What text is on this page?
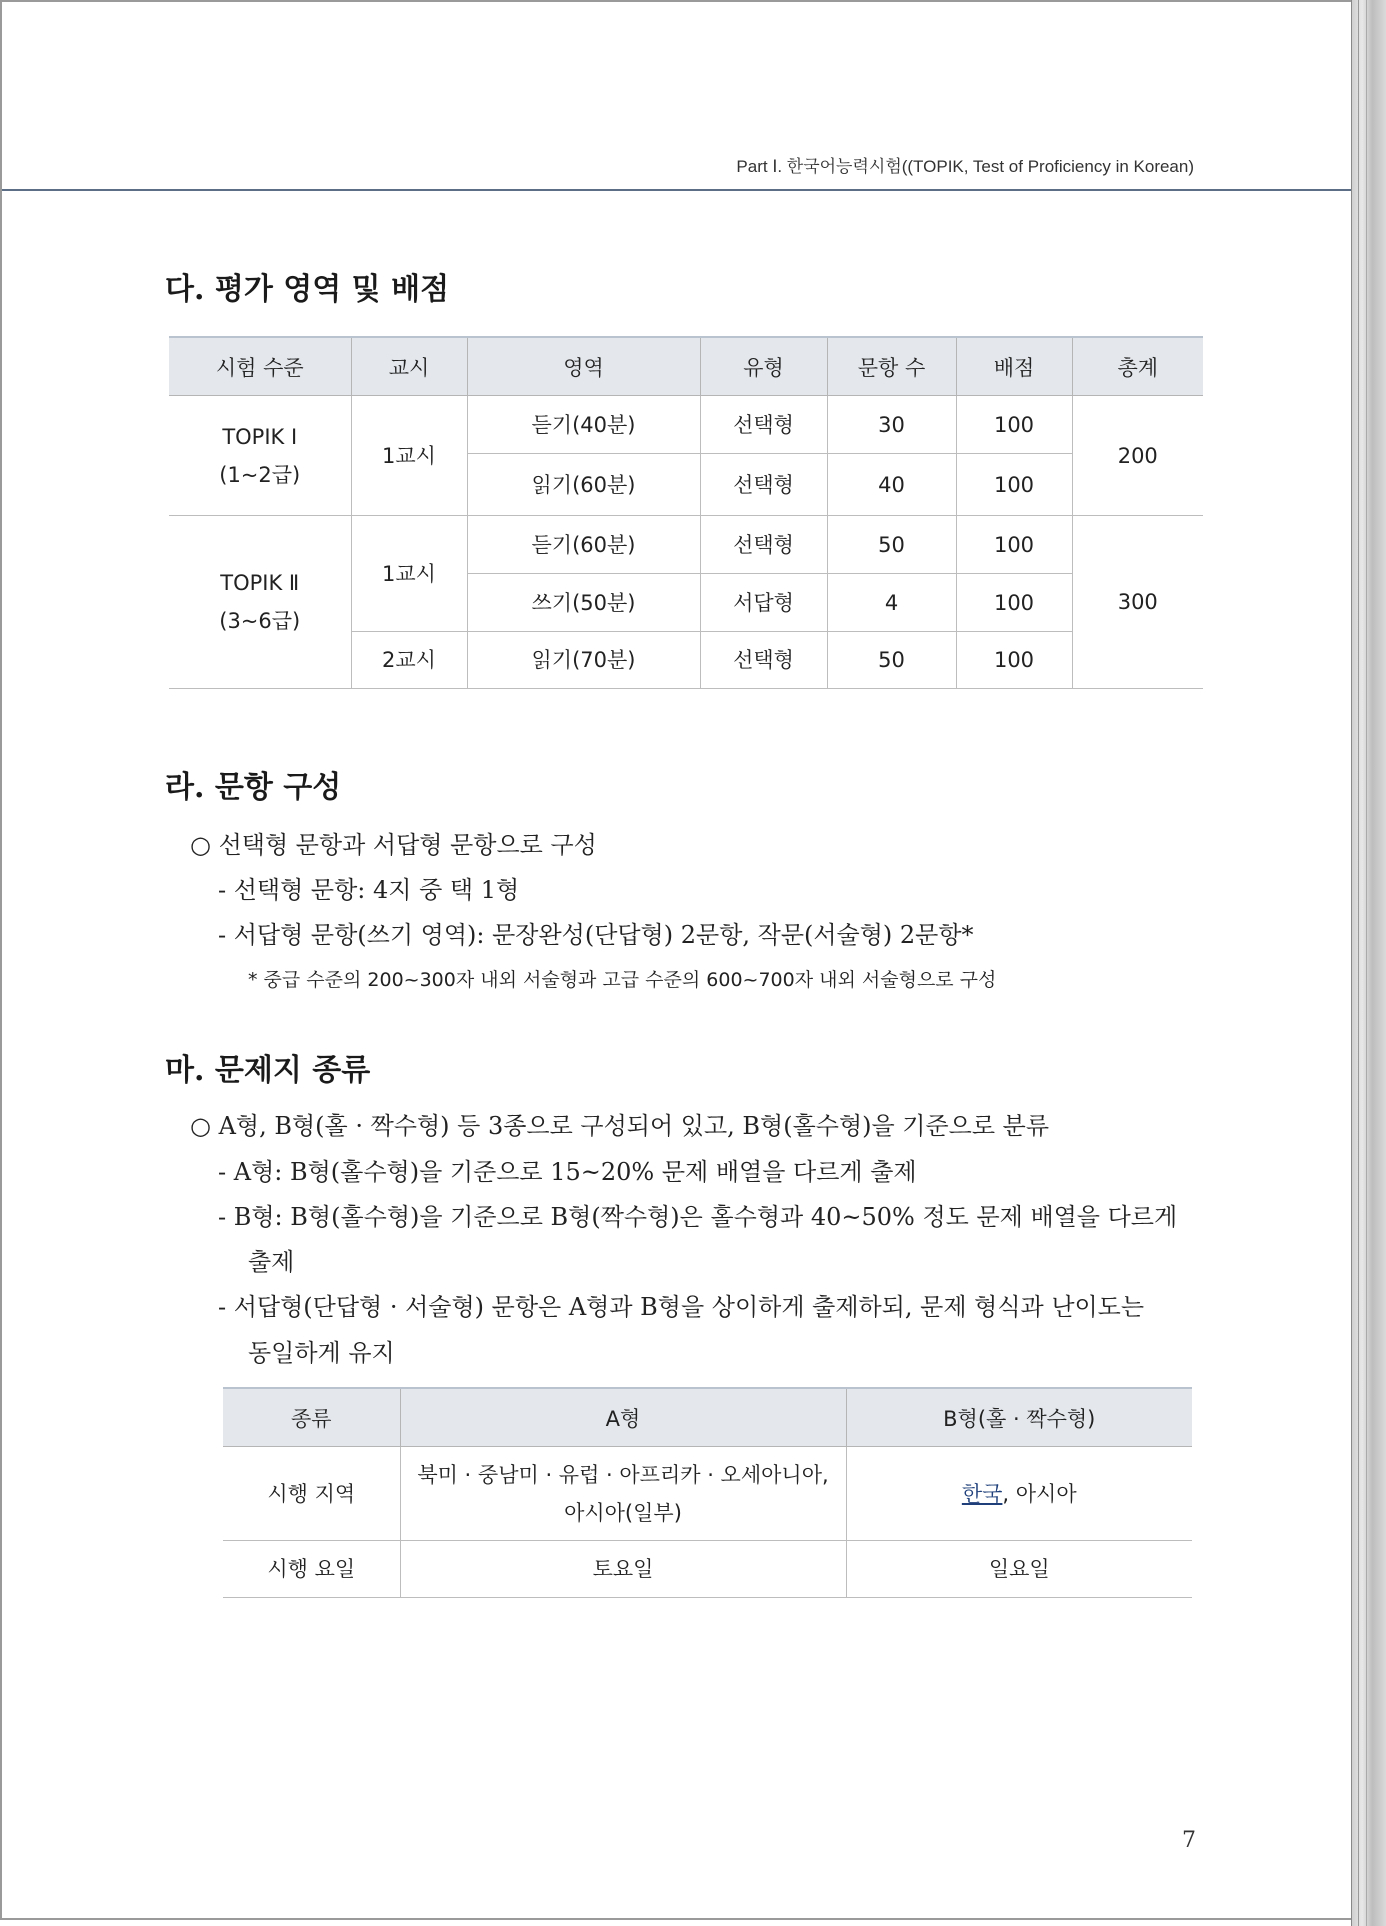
Part Ⅰ. 한국어능력시험((TOPIK, Test of Proficiency in Korean)
다. 평가 영역 및 배점
시험 수준	교시	영역	유형	문항 수	배점	총계

TOPIK Ⅰ
(1~2급)	1교시	듣기(40분)	선택형	30	100	200
		읽기(60분)	선택형	40	100	

TOPIK Ⅱ
(3~6급)	1교시	듣기(60분)	선택형	50	100	300
		쓰기(50분)	서답형	4	100	
	2교시	읽기(70분)	선택형	50	100	
라. 문항 구성
○ 선택형 문항과 서답형 문항으로 구성
- 선택형 문항: 4지 중 택 1형
- 서답형 문항(쓰기 영역): 문장완성(단답형) 2문항, 작문(서술형) 2문항*
* 중급 수준의 200~300자 내외 서술형과 고급 수준의 600~700자 내외 서술형으로 구성
마. 문제지 종류
○ A형, B형(홀 · 짝수형) 등 3종으로 구성되어 있고, B형(홀수형)을 기준으로 분류
- A형: B형(홀수형)을 기준으로 15~20% 문제 배열을 다르게 출제
- B형: B형(홀수형)을 기준으로 B형(짝수형)은 홀수형과 40~50% 정도 문제 배열을 다르게
출제
- 서답형(단답형 · 서술형) 문항은 A형과 B형을 상이하게 출제하되, 문제 형식과 난이도는
동일하게 유지
종류	A형	B형(홀 · 짝수형)
시행 지역	북미 · 중남미 · 유럽 · 아프리카 · 오세아니아,
아시아(일부)	한국, 아시아
시행 요일	토요일	일요일
7
